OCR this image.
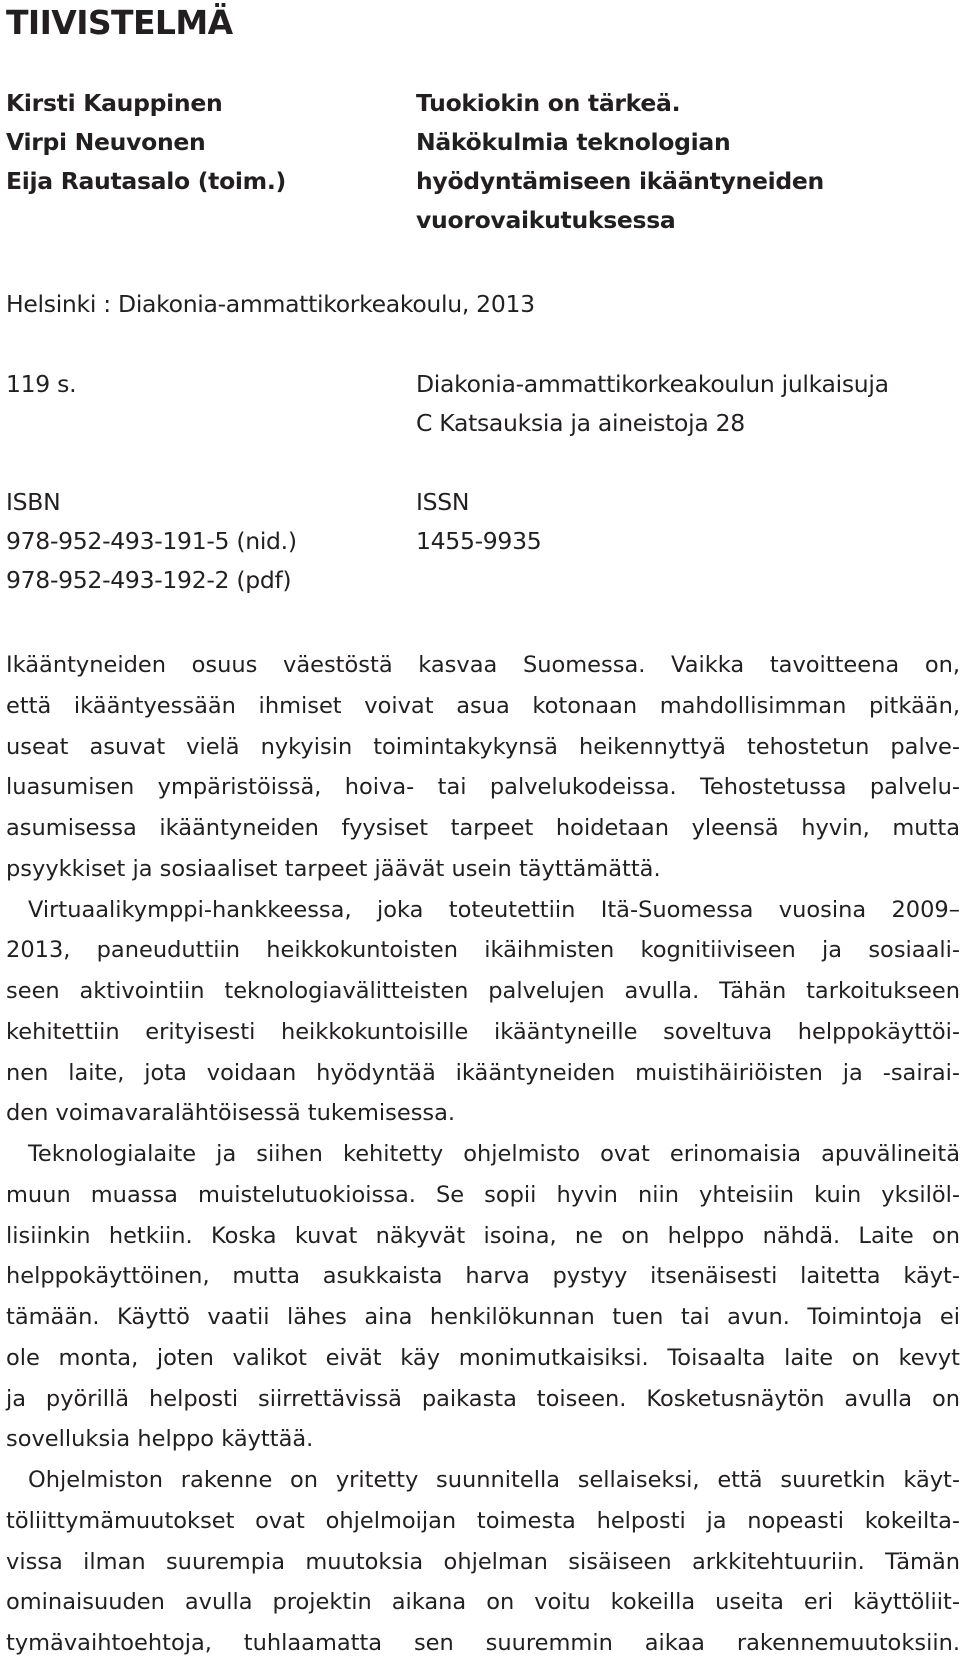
TIIVISTELMÄ
Kirsti Kauppinen
Virpi Neuvonen
Eija Rautasalo (toim.)
Tuokiokin on tärkeä.
Näkökulmia teknologian
hyödyntämiseen ikääntyneiden
vuorovaikutuksessa
Helsinki : Diakonia-ammattikorkeakoulu, 2013
119 s.	Diakonia-ammattikorkeakoulun julkaisuja
C Katsauksia ja aineistoja 28
ISBN
978-952-493-191-5 (nid.)
978-952-493-192-2 (pdf)
ISSN
1455-9935

Ikääntyneiden osuus väestöstä kasvaa Suomessa. Vaikka tavoitteena on,

että ikääntyessään ihmiset voivat asua kotonaan mahdollisimman pitkään,

useat asuvat vielä nykyisin toimintakykynsä heikennyttyä tehostetun palve-

luasumisen ympäristöissä, hoiva- tai palvelukodeissa. Tehostetussa palvelu-

asumisessa ikääntyneiden fyysiset tarpeet hoidetaan yleensä hyvin, mutta

psyykkiset ja sosiaaliset tarpeet jäävät usein täyttämättä.

Virtuaalikymppi-hankkeessa, joka toteutettiin Itä-Suomessa vuosina 2009–

2013, paneuduttiin heikkokuntoisten ikäihmisten kognitiiviseen ja sosiaali-

seen aktivointiin teknologiavälitteisten palvelujen avulla. Tähän tarkoitukseen

kehitettiin erityisesti heikkokuntoisille ikääntyneille soveltuva helppokäyttöi-

nen laite, jota voidaan hyödyntää ikääntyneiden muistihäiriöisten ja -sairai-

den voimavaralähtöisessä tukemisessa.

Teknologialaite ja siihen kehitetty ohjelmisto ovat erinomaisia apuvälineitä

muun muassa muistelutuokioissa. Se sopii hyvin niin yhteisiin kuin yksilöl-

lisiinkin hetkiin. Koska kuvat näkyvät isoina, ne on helppo nähdä. Laite on

helppokäyttöinen, mutta asukkaista harva pystyy itsenäisesti laitetta käyt-

tämään. Käyttö vaatii lähes aina henkilökunnan tuen tai avun. Toimintoja ei

ole monta, joten valikot eivät käy monimutkaisiksi. Toisaalta laite on kevyt

ja pyörillä helposti siirrettävissä paikasta toiseen. Kosketusnäytön avulla on

sovelluksia helppo käyttää.

Ohjelmiston rakenne on yritetty suunnitella sellaiseksi, että suuretkin käyt-

töliittymämuutokset ovat ohjelmoijan toimesta helposti ja nopeasti kokeilta-

vissa ilman suurempia muutoksia ohjelman sisäiseen arkkitehtuuriin. Tämän

ominaisuuden avulla projektin aikana on voitu kokeilla useita eri käyttöliit-

tymävaihtoehtoja, tuhlaamatta sen suuremmin aikaa rakennemuutoksiin.
